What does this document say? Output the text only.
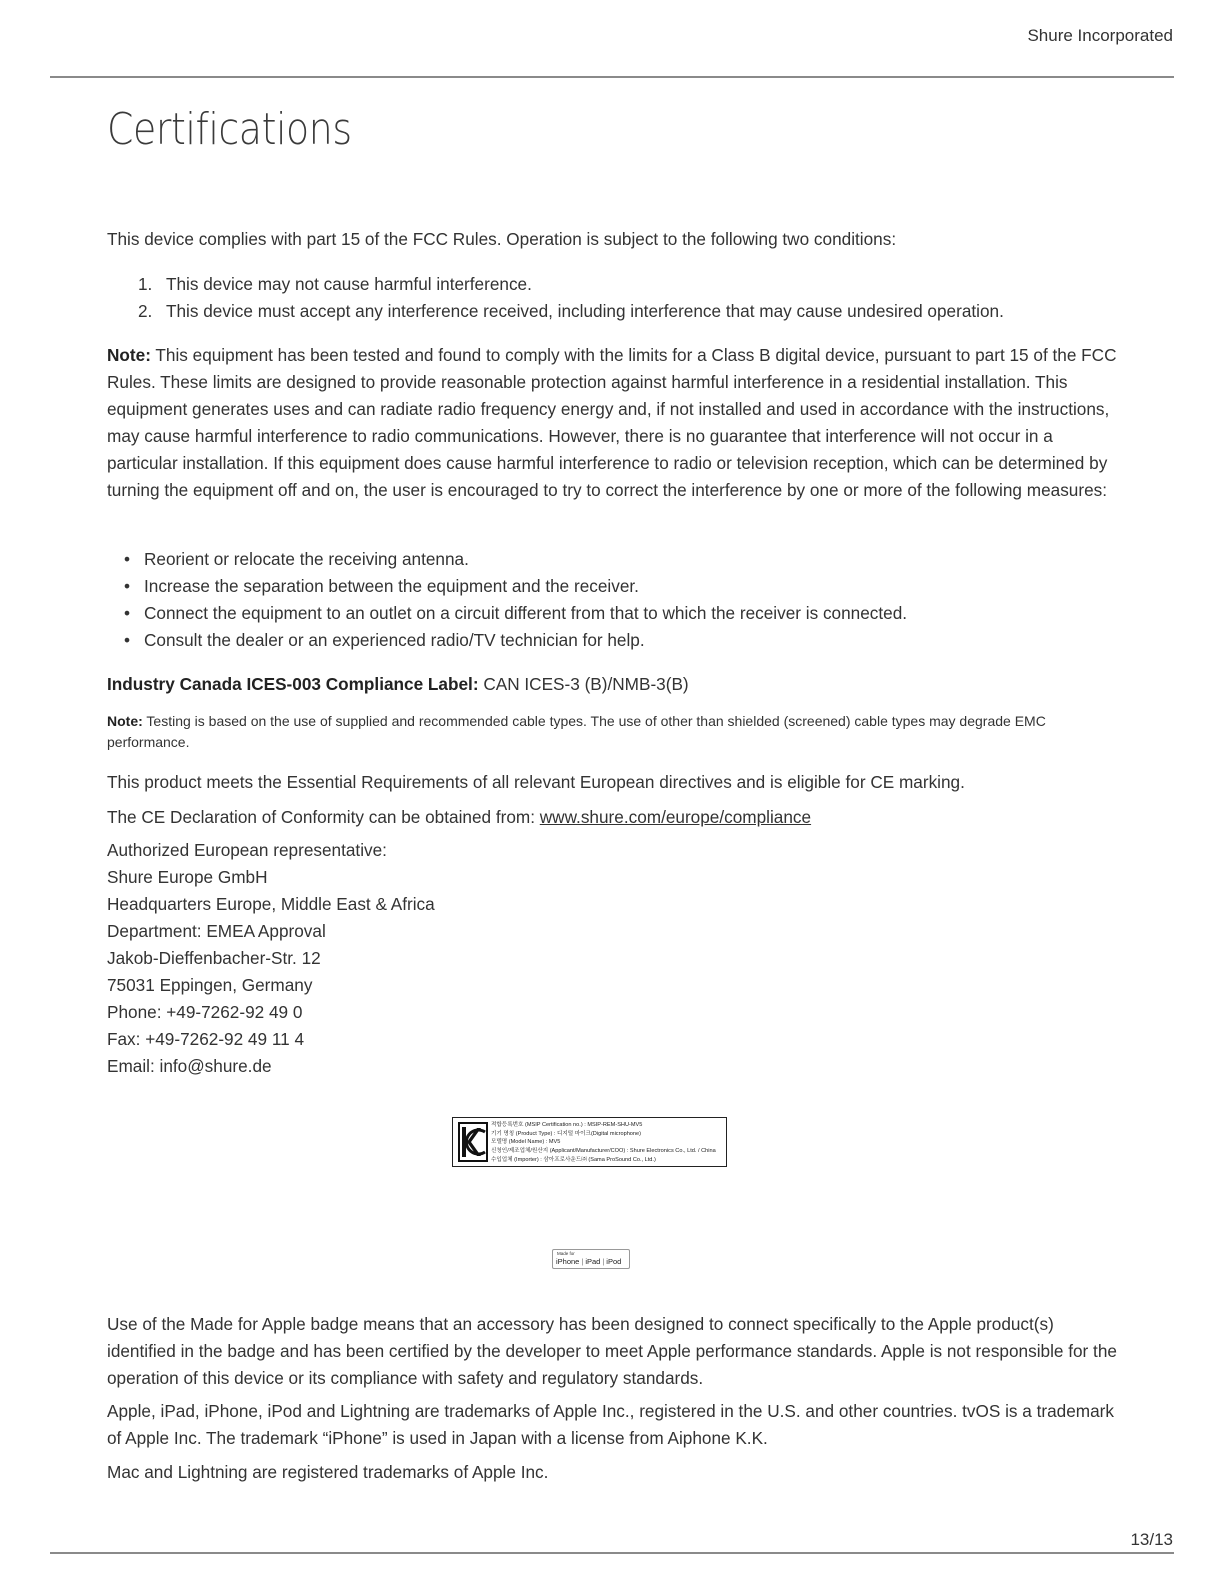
Shure Incorporated
Certifications

This device complies with part 15 of the FCC Rules. Operation is subject to the following two conditions:

1. This device may not cause harmful interference.
2. This device must accept any interference received, including interference that may cause undesired operation.

Note: This equipment has been tested and found to comply with the limits for a Class B digital device, pursuant to part 15 of the FCC Rules. These limits are designed to provide reasonable protection against harmful interference in a residential installation. This equipment generates uses and can radiate radio frequency energy and, if not installed and used in accordance with the instructions, may cause harmful interference to radio communications. However, there is no guarantee that interference will not occur in a particular installation. If this equipment does cause harmful interference to radio or television reception, which can be determined by turning the equipment off and on, the user is encouraged to try to correct the interference by one or more of the following measures:

• Reorient or relocate the receiving antenna.
• Increase the separation between the equipment and the receiver.
• Connect the equipment to an outlet on a circuit different from that to which the receiver is connected.
• Consult the dealer or an experienced radio/TV technician for help.

Industry Canada ICES-003 Compliance Label: CAN ICES-3 (B)/NMB-3(B)

Note: Testing is based on the use of supplied and recommended cable types. The use of other than shielded (screened) cable types may degrade EMC performance.

This product meets the Essential Requirements of all relevant European directives and is eligible for CE marking.

The CE Declaration of Conformity can be obtained from: www.shure.com/europe/compliance

Authorized European representative:
Shure Europe GmbH
Headquarters Europe, Middle East & Africa
Department: EMEA Approval
Jakob-Dieffenbacher-Str. 12
75031 Eppingen, Germany
Phone: +49-7262-92 49 0
Fax: +49-7262-92 49 11 4
Email: info@shure.de

Use of the Made for Apple badge means that an accessory has been designed to connect specifically to the Apple product(s) identified in the badge and has been certified by the developer to meet Apple performance standards. Apple is not responsible for the operation of this device or its compliance with safety and regulatory standards.

Apple, iPad, iPhone, iPod and Lightning are trademarks of Apple Inc., registered in the U.S. and other countries. tvOS is a trademark of Apple Inc. The trademark “iPhone” is used in Japan with a license from Aiphone K.K.

Mac and Lightning are registered trademarks of Apple Inc.

적합등록번호 (MSIP Certification no.) : MSIP-REM-SHU-MV5
기기 명칭 (Product Type) : 디지털 마이크(Digital microphone)
모델명 (Model Name) : MV5
신청인/제조업체/원산지 (Applicant/Manufacturer/COO) : Shure Electronics Co., Ltd. / China
수입업체 (Importer) : 삼아프로사운드㈜ (Sama ProSound Co., Ltd.)
Made for
iPhone | iPad | iPod
13/13
